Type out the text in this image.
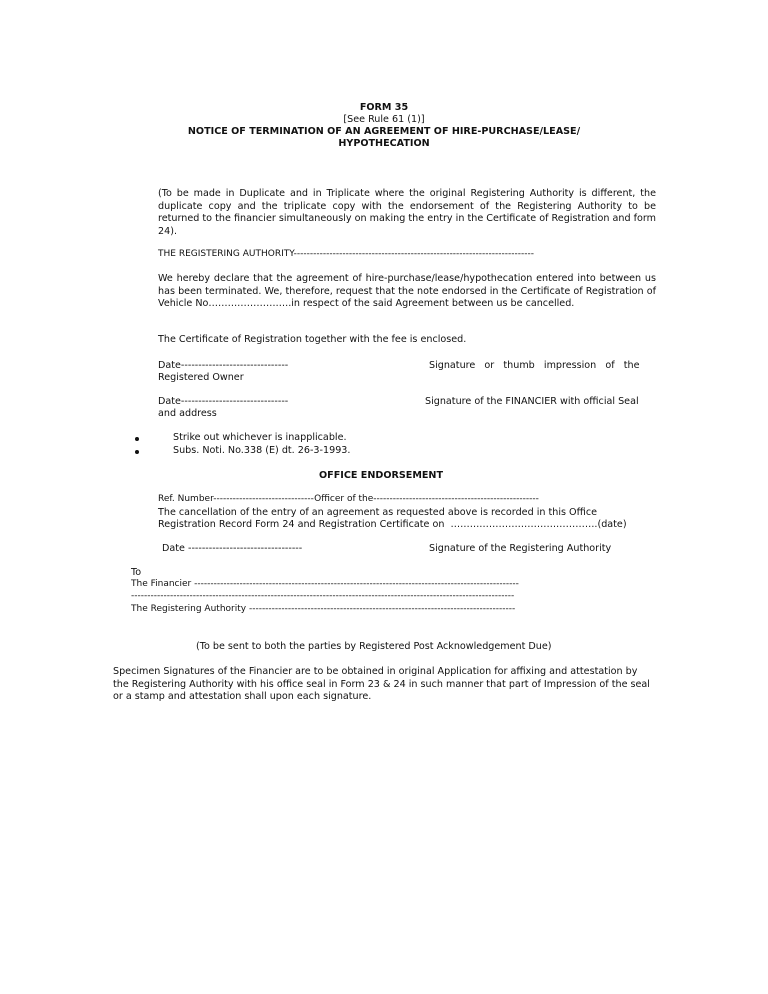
FORM 35
[See Rule 61 (1)]
NOTICE OF TERMINATION OF AN AGREEMENT OF HIRE-PURCHASE/LEASE/
HYPOTHECATION
(To be made in Duplicate and in Triplicate where the original Registering Authority is different, the duplicate copy and the triplicate copy with the endorsement of the Registering Authority to be returned to the financier simultaneously on making the entry in the Certificate of Registration and form 24).
THE REGISTERING AUTHORITY--------------------------------------------------------------------------
We hereby declare that the agreement of hire-purchase/lease/hypothecation entered into between us has been terminated. We, therefore, request that the note endorsed in the Certificate of Registration of Vehicle No……………………..in respect of the said Agreement between us be cancelled.
The Certificate of Registration together with the fee is enclosed.
Date-------------------------------	Signature   or   thumb   impression   of   the
Registered Owner
Date-------------------------------	Signature of the FINANCIER with official Seal
and address
Strike out whichever is inapplicable.
Subs. Noti. No.338 (E) dt. 26-3-1993.
OFFICE ENDORSEMENT
Ref. Number-------------------------------Officer of the---------------------------------------------------
The cancellation of the entry of an agreement as requested above is recorded in this Office
Registration Record Form 24 and Registration Certificate on  ……………………………………….(date)
Date ---------------------------------	Signature of the Registering Authority
To
The Financier ----------------------------------------------------------------------------------------------------
----------------------------------------------------------------------------------------------------------------------
The Registering Authority ----------------------------------------------------------------------------------
(To be sent to both the parties by Registered Post Acknowledgement Due)
Specimen Signatures of the Financier are to be obtained in original Application for affixing and attestation by the Registering Authority with his office seal in Form 23 & 24 in such manner that part of Impression of the seal or a stamp and attestation shall upon each signature.
